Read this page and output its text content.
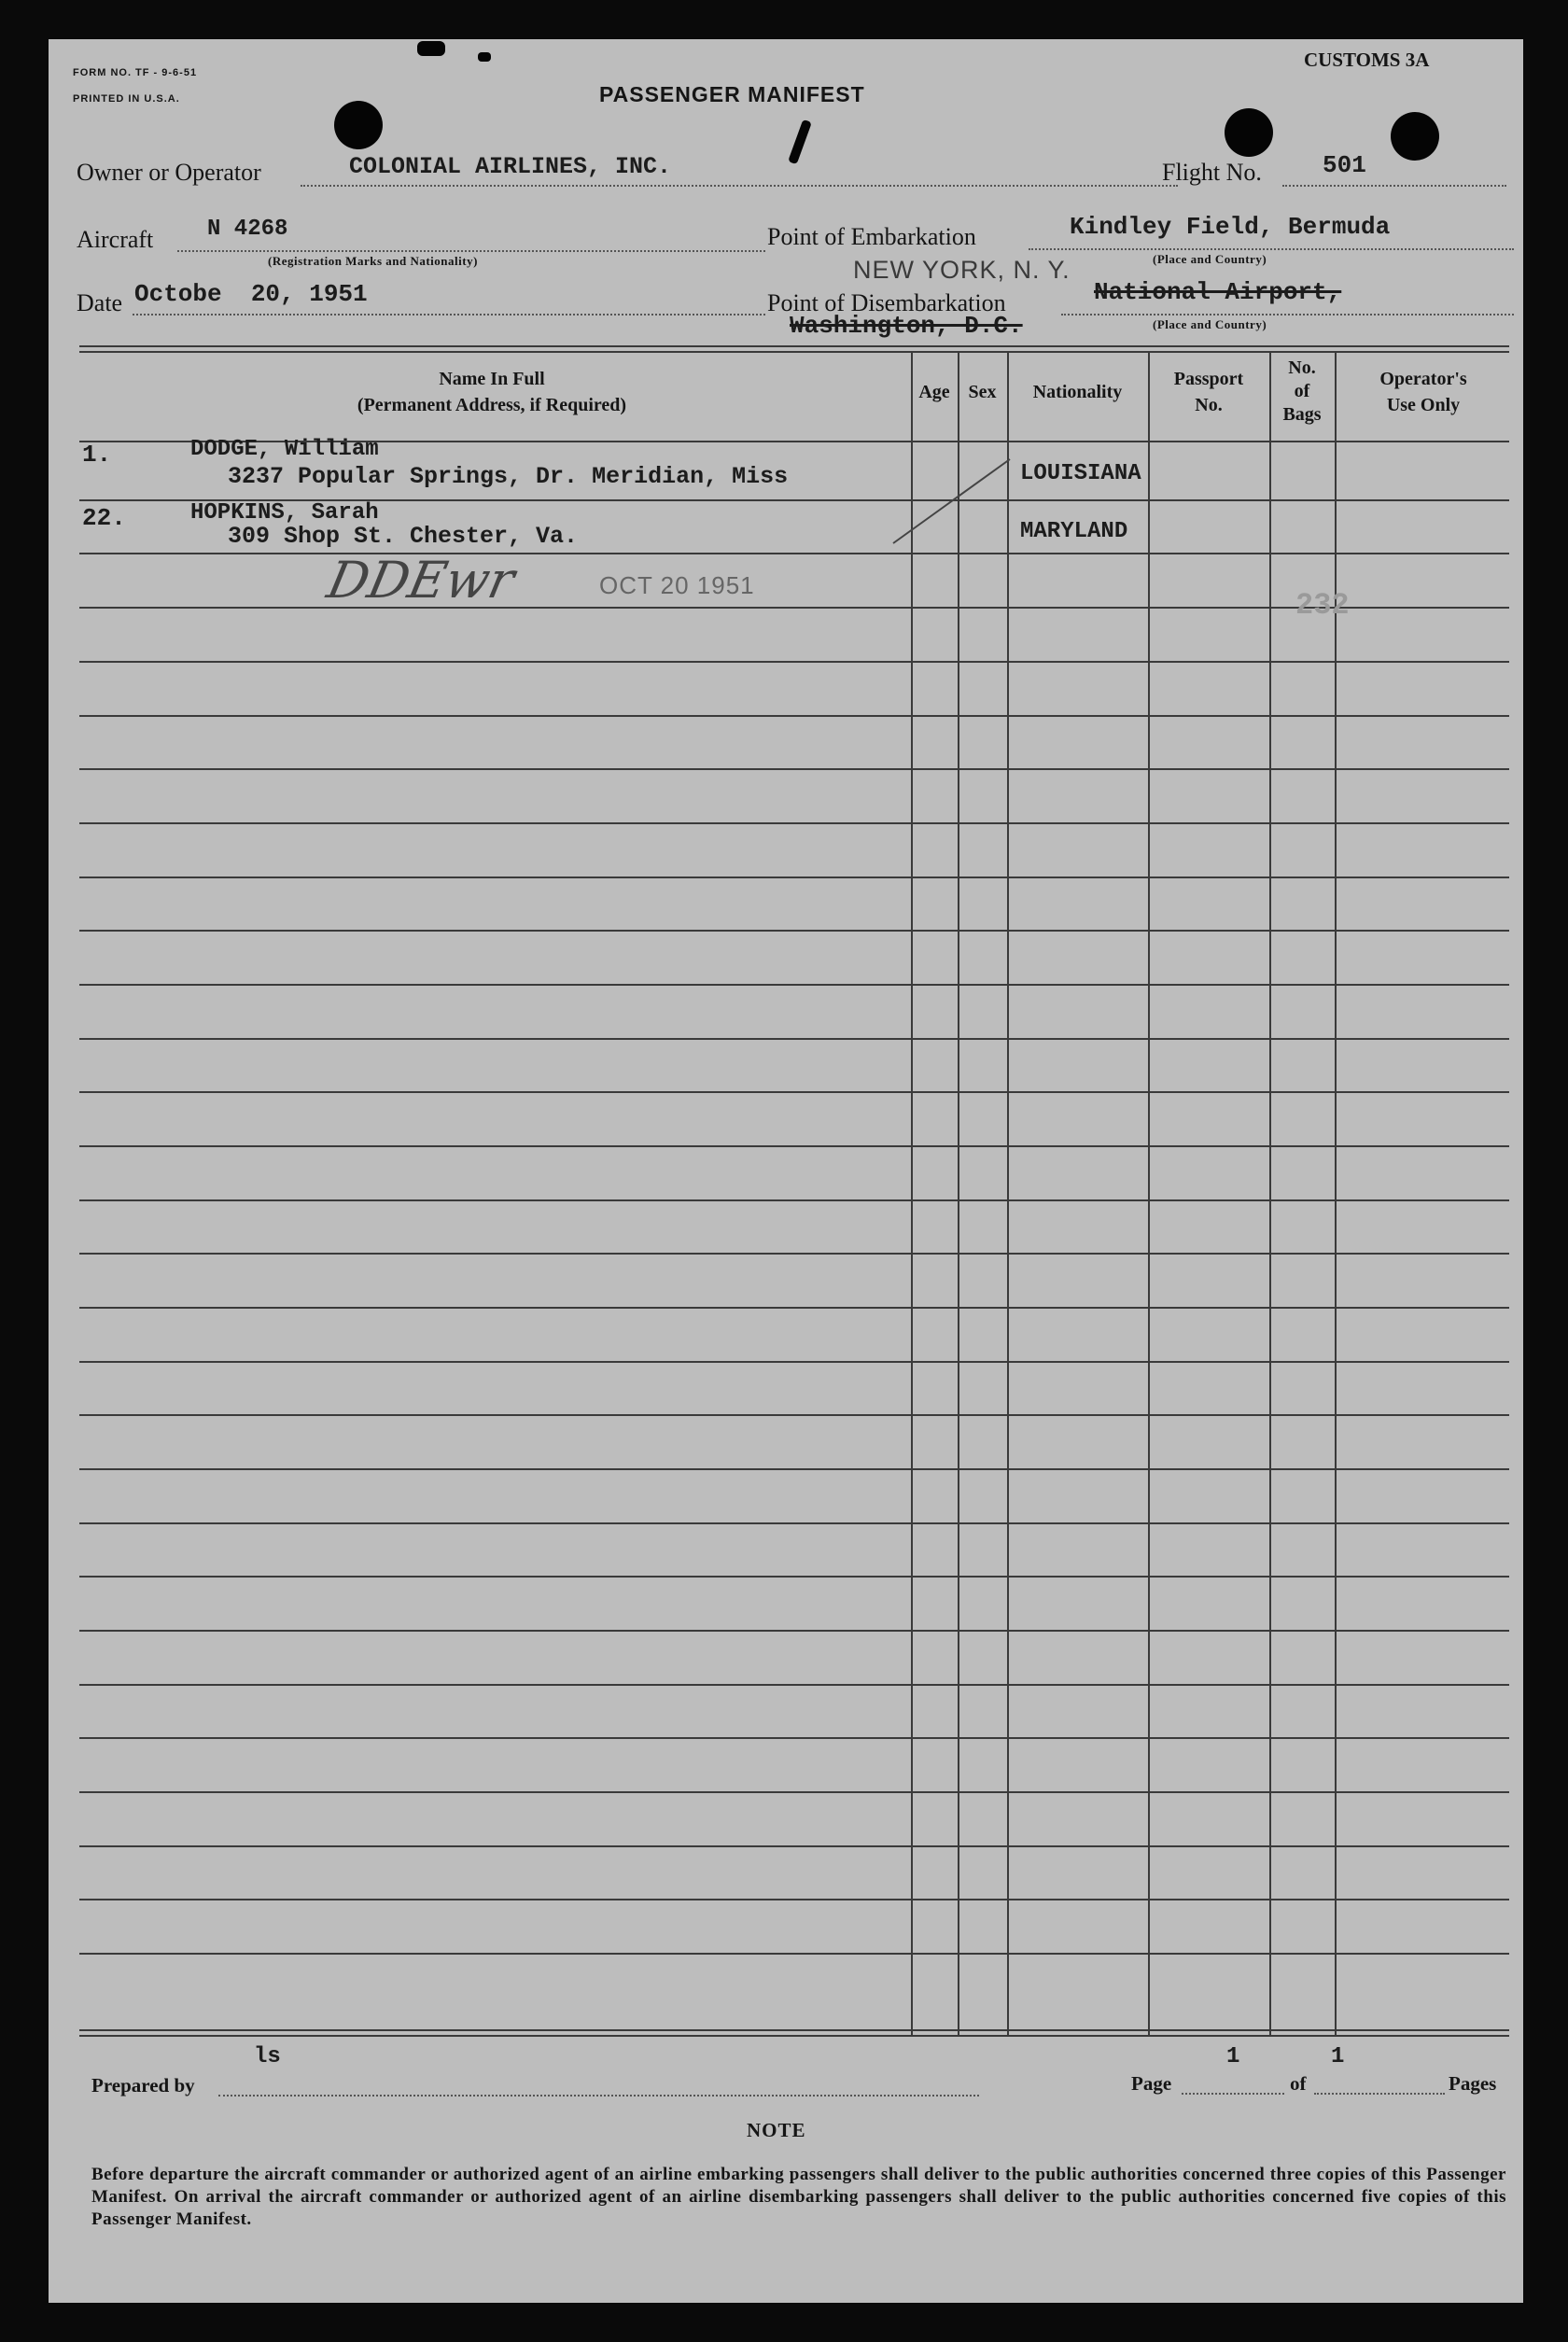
FORM NO. TF - 9-6-51
PRINTED IN U.S.A.	PASSENGER MANIFEST
CUSTOMS 3A
Owner or Operator	COLONIAL AIRLINES, INC.	Flight No.	501
Aircraft N 4268
(Registration Marks and Nationality)
Point of Embarkation	Kindley Field, Bermuda
(Place and Country)
NEW YORK, N. Y.
Date Octobe  20, 1951	Point of Disembarkation	National Airport,
Washington, D.C.	(Place and Country)
Name In Full
(Permanent Address, if Required)
Age Sex	Nationality
Passport
No.
No.
of
Bags
Operator's
Use Only
1.	DODGE, William
3237 Popular Springs, Dr. Meridian, Miss	LOUISIANA
22.	HOPKINS, Sarah
309 Shop St. Chester, Va.	MARYLAND
DDEwr	OCT 20 1951
232
Prepared by
ls
Page
1
of
1
Pages
NOTE
Before departure the aircraft commander or authorized agent of an airline embarking passengers shall deliver to the public authorities concerned three copies of this Passenger Manifest. On arrival the aircraft commander or authorized agent of an airline disembarking passengers shall deliver to the public authorities concerned five copies of this Passenger Manifest.
